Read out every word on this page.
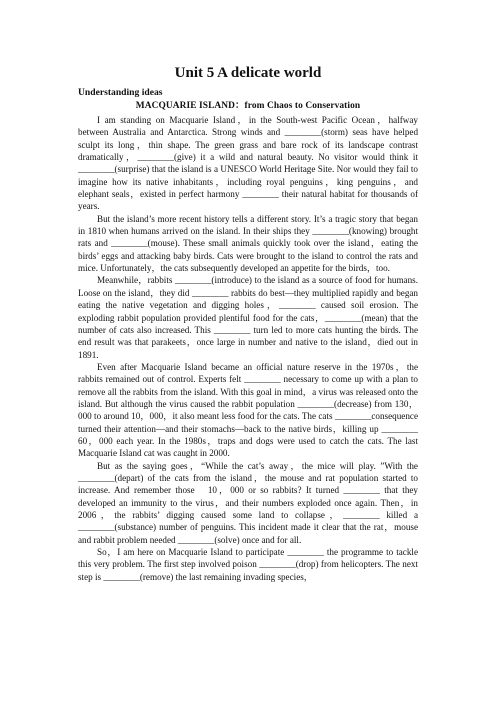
Unit 5 A delicate world
Understanding ideas
MACQUARIE ISLAND：from Chaos to Conservation

I am standing on Macquarie Island，in the South-west Pacific Ocean，halfway between Australia and Antarctica. Strong winds and ________(storm) seas have helped sculpt its long，thin shape. The green grass and bare rock of its landscape contrast dramatically，________(give) it a wild and natural beauty. No visitor would think it ________(surprise) that the island is a UNESCO World Heritage Site. Nor would they fail to imagine how its native inhabitants，including royal penguins，king penguins，and elephant seals，existed in perfect harmony ________ their natural habitat for thousands of years.

But the island’s more recent history tells a different story. It’s a tragic story that began in 1810 when humans arrived on the island. In their ships they ________(knowing) brought rats and ________(mouse). These small animals quickly took over the island，eating the birds’ eggs and attacking baby birds. Cats were brought to the island to control the rats and mice. Unfortunately，the cats subsequently developed an appetite for the birds，too.

Meanwhile，rabbits ________(introduce) to the island as a source of food for humans. Loose on the island，they did ________ rabbits do best—they multiplied rapidly and began eating the native vegetation and digging holes，________ caused soil erosion. The exploding rabbit population provided plentiful food for the cats，________(mean) that the number of cats also increased. This ________ turn led to more cats hunting the birds. The end result was that parakeets，once large in number and native to the island，died out in 1891.

Even after Macquarie Island became an official nature reserve in the 1970s，the rabbits remained out of control. Experts felt ________ necessary to come up with a plan to remove all the rabbits from the island. With this goal in mind，a virus was released onto the island. But although the virus caused the rabbit population ________(decrease) from 130，000 to around 10，000，it also meant less food for the cats. The cats ________consequence turned their attention—and their stomachs—back to the native birds，killing up ________ 60，000 each year. In the 1980s，traps and dogs were used to catch the cats. The last Macquarie Island cat was caught in 2000.

But as the saying goes，“While the cat’s away，the mice will play. ”With the ________(depart) of the cats from the island，the mouse and rat population started to increase. And remember those　10，000 or so rabbits? It turned ________ that they developed an immunity to the virus，and their numbers exploded once again. Then，in 2006，the rabbits’ digging caused some land to collapse，________ killed a ________(substance) number of penguins. This incident made it clear that the rat，mouse and rabbit problem needed ________(solve) once and for all.

So，I am here on Macquarie Island to participate ________ the programme to tackle this very problem. The first step involved poison ________(drop) from helicopters. The next step is ________(remove) the last remaining invading species，
